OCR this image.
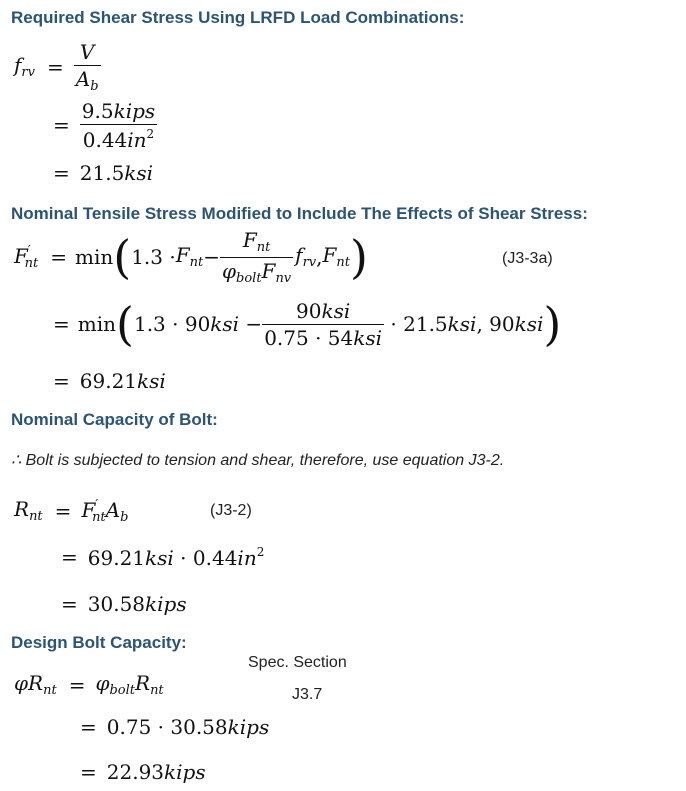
Required Shear Stress Using LRFD Load Combinations:
$f_{rv} = \frac{V}{A_b}$
= $\frac{\text{9.5kips}}{0.44in^2}$
= 21.5ksi
Nominal Tensile Stress Modified to Include The Effects of Shear Stress:
$F'_{nt} = \min$ ( $1.3 \cdot F_{nt} - \frac{F_{nt}}{\varphi_{bolt}F_{nv}} f_{rv}$ , $F_{nt}$ )	(J3-3a)
= min ( $1.3 \cdot 90ksi - \frac{\text{90ksi}}{\text{0.75 · 54ksi}} \cdot 21.5ksi$, 90ksi )
= 69.21ksi
Nominal Capacity of Bolt:
∴ Bolt is subjected to tension and shear, therefore, use equation J3-2.
$R_{nt} = F'_{nt}A_b$	(J3-2)
= $69.21ksi \cdot 0.44in^2$
= 30.58kips
Design Bolt Capacity:
$\varphi R_{nt} = \varphi_{bolt}R_{nt}$
Spec. Section
J3.7
= 0.75 · 30.58kips
= 22.93kips
